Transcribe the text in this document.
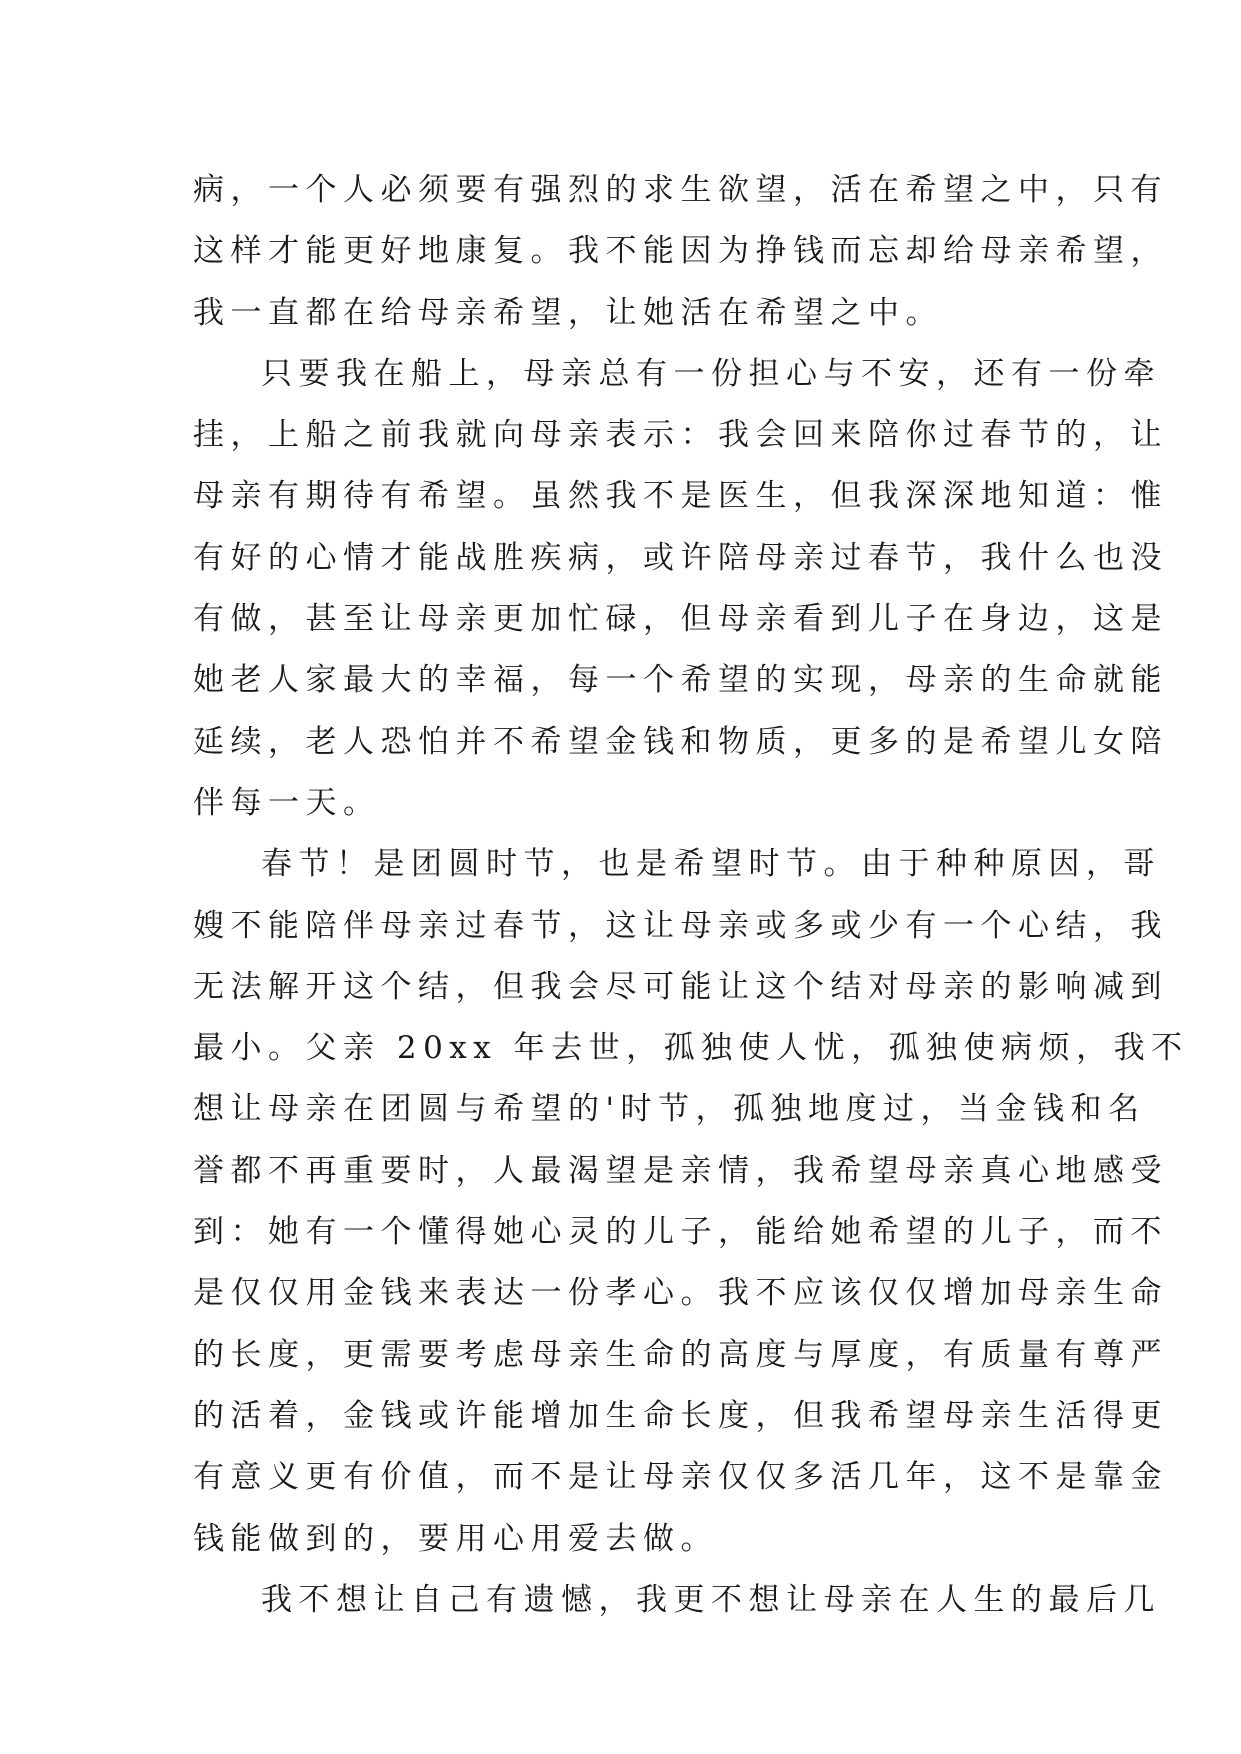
病，一个人必须要有强烈的求生欲望，活在希望之中，只有
这样才能更好地康复。我不能因为挣钱而忘却给母亲希望，
我一直都在给母亲希望，让她活在希望之中。
只要我在船上，母亲总有一份担心与不安，还有一份牵
挂，上船之前我就向母亲表示：我会回来陪你过春节的，让
母亲有期待有希望。虽然我不是医生，但我深深地知道：惟
有好的心情才能战胜疾病，或许陪母亲过春节，我什么也没
有做，甚至让母亲更加忙碌，但母亲看到儿子在身边，这是
她老人家最大的幸福，每一个希望的实现，母亲的生命就能
延续，老人恐怕并不希望金钱和物质，更多的是希望儿女陪
伴每一天。
春节！是团圆时节，也是希望时节。由于种种原因，哥
嫂不能陪伴母亲过春节，这让母亲或多或少有一个心结，我
无法解开这个结，但我会尽可能让这个结对母亲的影响减到
最小。父亲 20xx 年去世，孤独使人忧，孤独使病烦，我不
想让母亲在团圆与希望的'时节，孤独地度过，当金钱和名
誉都不再重要时，人最渴望是亲情，我希望母亲真心地感受
到：她有一个懂得她心灵的儿子，能给她希望的儿子，而不
是仅仅用金钱来表达一份孝心。我不应该仅仅增加母亲生命
的长度，更需要考虑母亲生命的高度与厚度，有质量有尊严
的活着，金钱或许能增加生命长度，但我希望母亲生活得更
有意义更有价值，而不是让母亲仅仅多活几年，这不是靠金
钱能做到的，要用心用爱去做。
我不想让自己有遗憾，我更不想让母亲在人生的最后几
